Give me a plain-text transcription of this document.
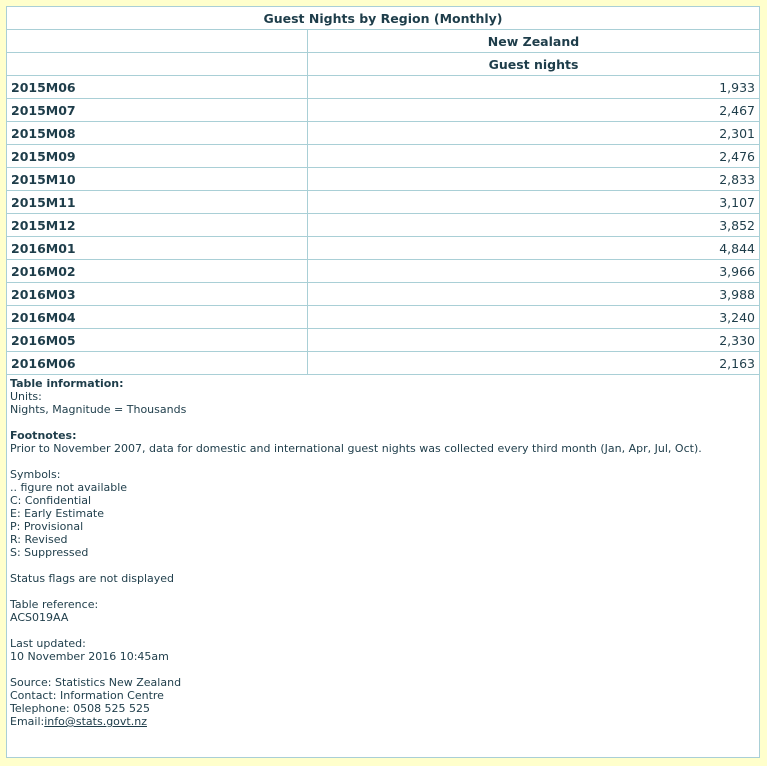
Guest Nights by Region (Monthly)	
	New Zealand
	Guest nights
2015M06	1,933
2015M07	2,467
2015M08	2,301
2015M09	2,476
2015M10	2,833
2015M11	3,107
2015M12	3,852
2016M01	4,844
2016M02	3,966
2016M03	3,988
2016M04	3,240
2016M05	2,330
2016M06	2,163
Table information:
Units:
Nights, Magnitude = Thousands
Footnotes:
Prior to November 2007, data for domestic and international guest nights was collected every third month (Jan, Apr, Jul, Oct).
Symbols:
.. figure not available
C: Confidential
E: Early Estimate
P: Provisional
R: Revised
S: Suppressed
Status flags are not displayed
Table reference:
ACS019AA
Last updated:
10 November 2016 10:45am
Source: Statistics New Zealand
Contact: Information Centre
Telephone: 0508 525 525
Email:info@stats.govt.nz
